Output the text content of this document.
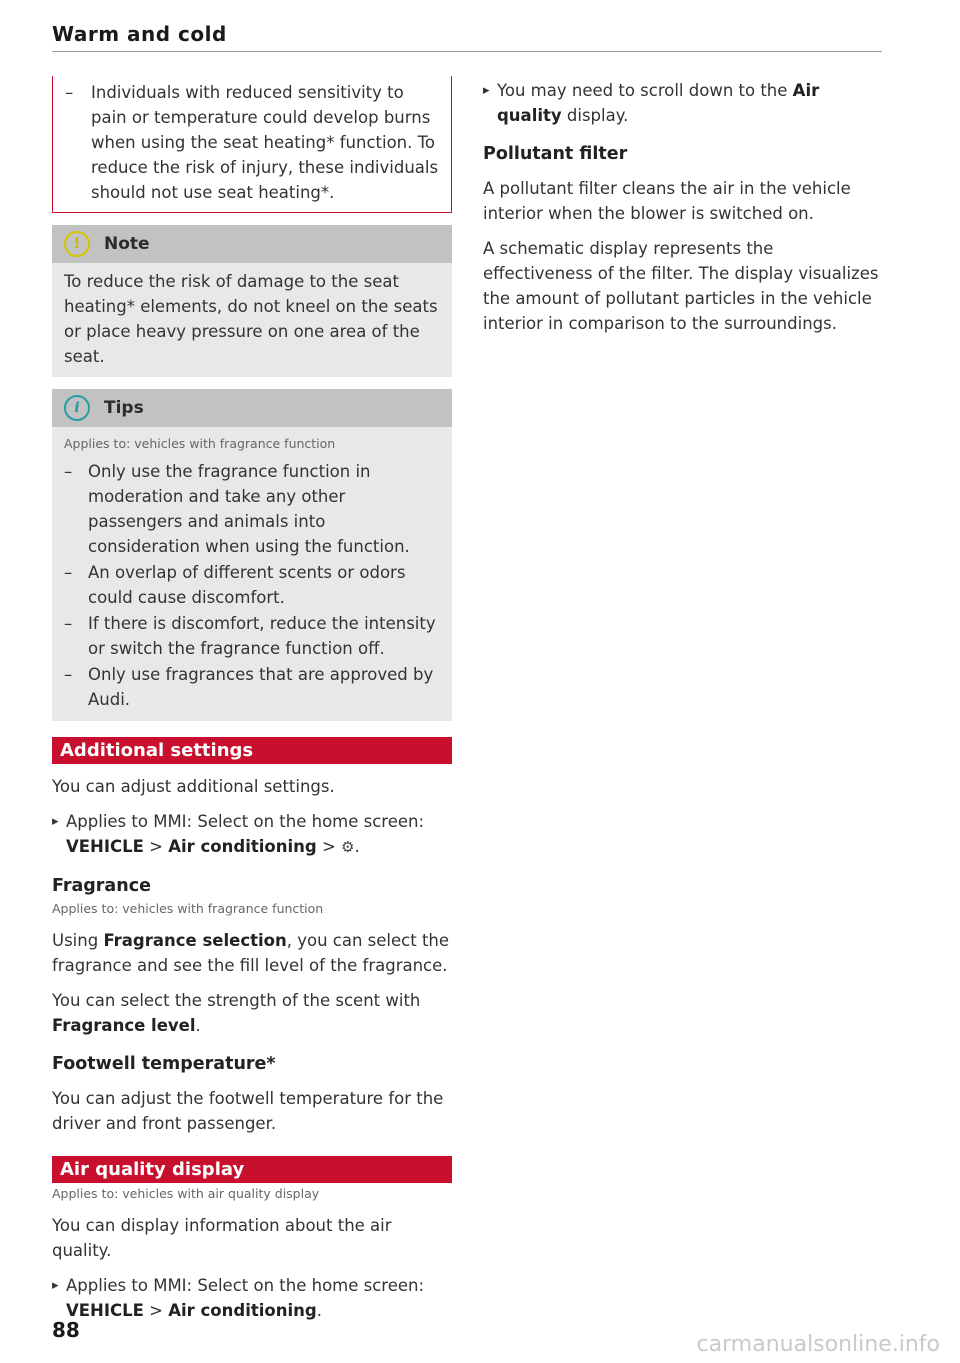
Warm and cold
– Individuals with reduced sensitivity to pain or temperature could develop burns when using the seat heating* function. To reduce the risk of injury, these individuals should not use seat heating*.
!	Note

To reduce the risk of damage to the seat heating* elements, do not kneel on the seats or place heavy pressure on one area of the seat.

i	Tips
Applies to: vehicles with fragrance function
– Only use the fragrance function in moderation and take any other passengers and animals into consideration when using the function.
– An overlap of different scents or odors could cause discomfort.
– If there is discomfort, reduce the intensity or switch the fragrance function off.
– Only use fragrances that are approved by Audi.
Additional settings

You can adjust additional settings.

▸ Applies to MMI: Select on the home screen: VEHICLE > Air conditioning > ⚙.

Fragrance
Applies to: vehicles with fragrance function

Using Fragrance selection, you can select the fragrance and see the fill level of the fragrance.

You can select the strength of the scent with Fragrance level.

Footwell temperature*

You can adjust the footwell temperature for the driver and front passenger.

Air quality display
Applies to: vehicles with air quality display

You can display information about the air quality.

▸ Applies to MMI: Select on the home screen: VEHICLE > Air conditioning.

▸ You may need to scroll down to the Air quality display.

Pollutant filter

A pollutant filter cleans the air in the vehicle interior when the blower is switched on.

A schematic display represents the effectiveness of the filter. The display visualizes the amount of pollutant particles in the vehicle interior in comparison to the surroundings.

88
carmanualsonline.info
